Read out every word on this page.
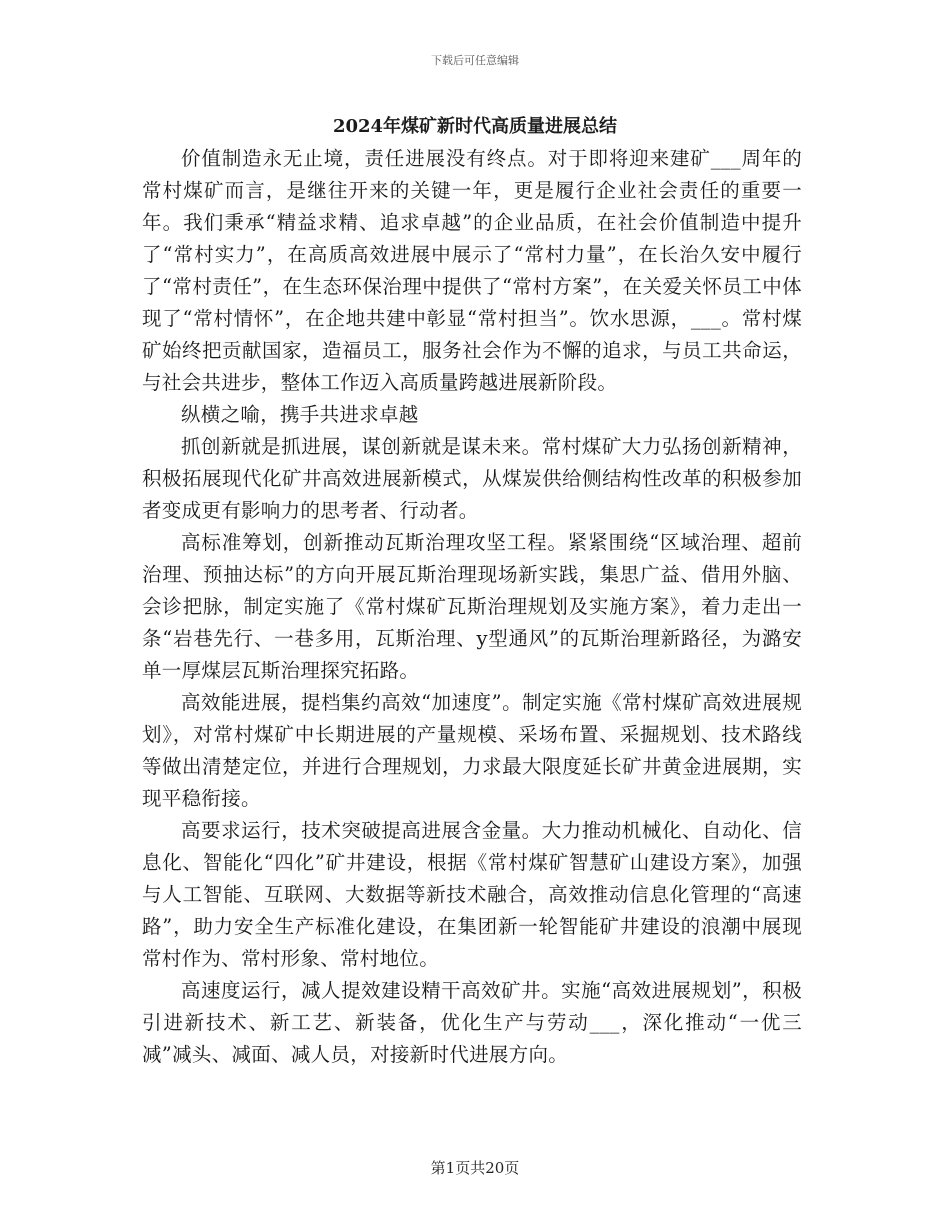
下载后可任意编辑
2024年煤矿新时代高质量进展总结

价值制造永无止境，责任进展没有终点。对于即将迎来建矿___周年的常村煤矿而言，是继往开来的关键一年，更是履行企业社会责任的重要一年。我们秉承“精益求精、追求卓越”的企业品质，在社会价值制造中提升了“常村实力”，在高质高效进展中展示了“常村力量”，在长治久安中履行了“常村责任”，在生态环保治理中提供了“常村方案”，在关爱关怀员工中体现了“常村情怀”，在企地共建中彰显“常村担当”。饮水思源，___。常村煤矿始终把贡献国家，造福员工，服务社会作为不懈的追求，与员工共命运，与社会共进步，整体工作迈入高质量跨越进展新阶段。

纵横之喻，携手共进求卓越

抓创新就是抓进展，谋创新就是谋未来。常村煤矿大力弘扬创新精神，积极拓展现代化矿井高效进展新模式，从煤炭供给侧结构性改革的积极参加者变成更有影响力的思考者、行动者。

高标准筹划，创新推动瓦斯治理攻坚工程。紧紧围绕“区域治理、超前治理、预抽达标”的方向开展瓦斯治理现场新实践，集思广益、借用外脑、会诊把脉，制定实施了《常村煤矿瓦斯治理规划及实施方案》，着力走出一条“岩巷先行、一巷多用，瓦斯治理、y型通风”的瓦斯治理新路径，为潞安单一厚煤层瓦斯治理探究拓路。

高效能进展，提档集约高效“加速度”。制定实施《常村煤矿高效进展规划》，对常村煤矿中长期进展的产量规模、采场布置、采掘规划、技术路线等做出清楚定位，并进行合理规划，力求最大限度延长矿井黄金进展期，实现平稳衔接。

高要求运行，技术突破提高进展含金量。大力推动机械化、自动化、信息化、智能化“四化”矿井建设，根据《常村煤矿智慧矿山建设方案》，加强与人工智能、互联网、大数据等新技术融合，高效推动信息化管理的“高速路”，助力安全生产标准化建设，在集团新一轮智能矿井建设的浪潮中展现常村作为、常村形象、常村地位。

高速度运行，减人提效建设精干高效矿井。实施“高效进展规划”，积极引进新技术、新工艺、新装备，优化生产与劳动___，深化推动“一优三减”减头、减面、减人员，对接新时代进展方向。

第1页共20页
